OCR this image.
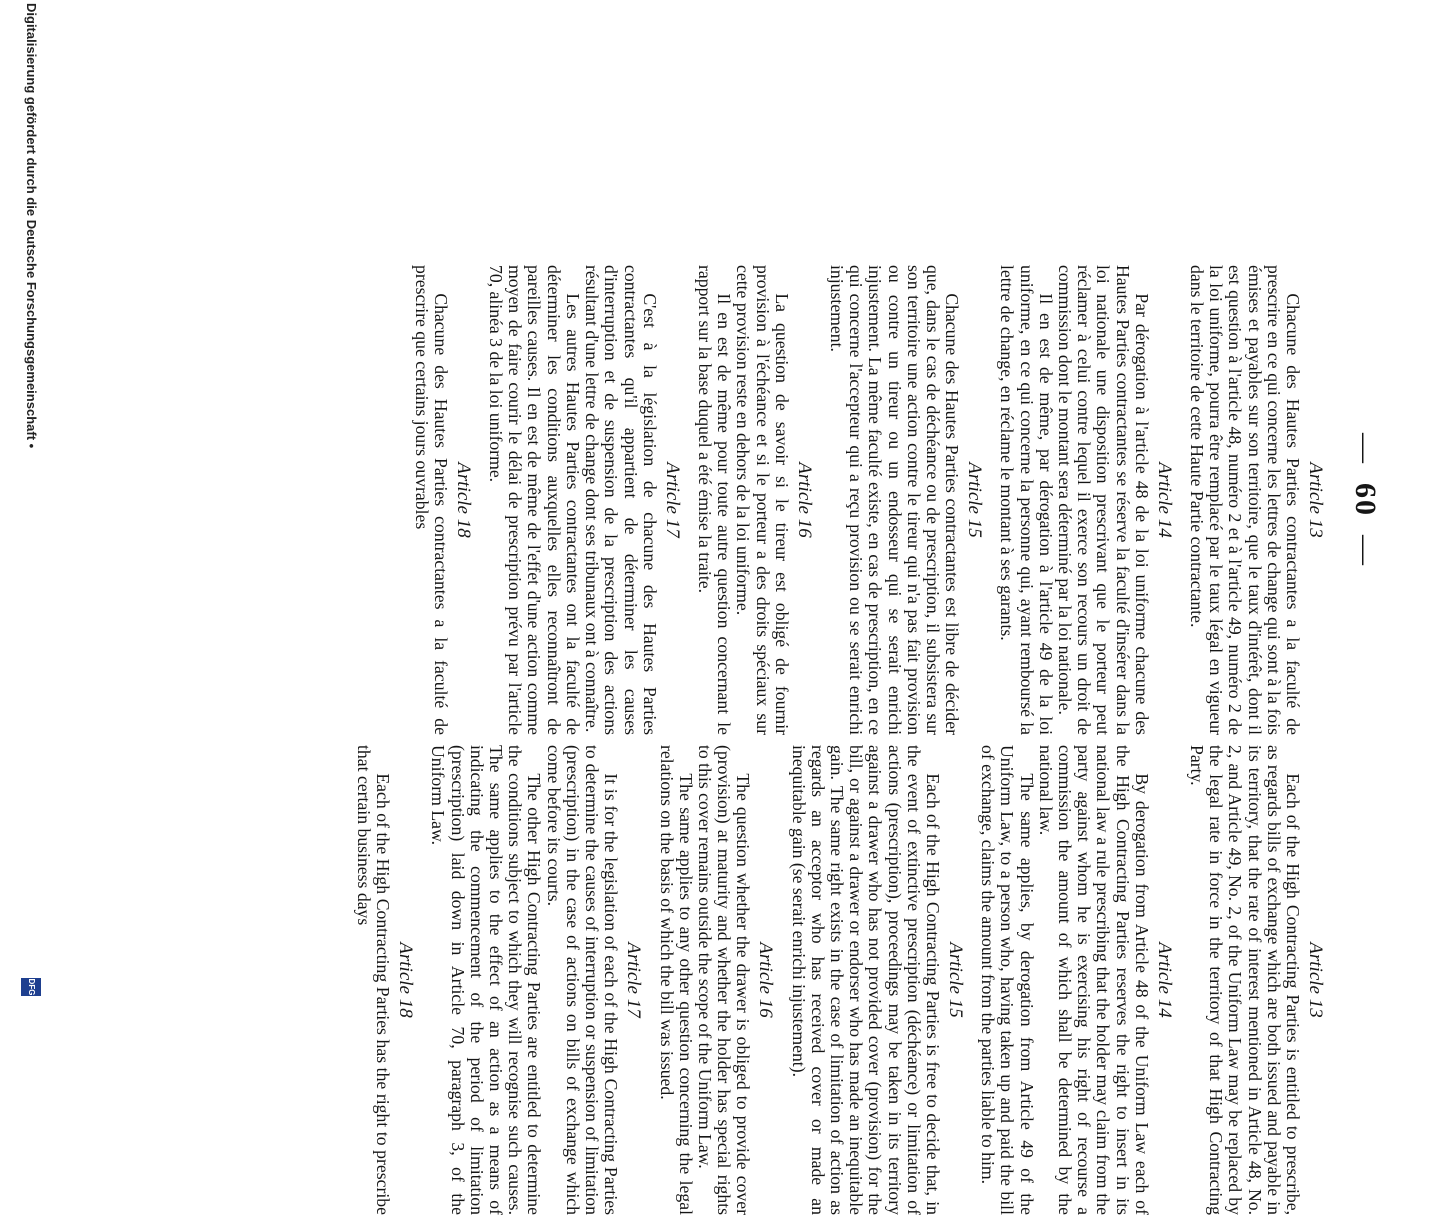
—60—
Article 13

Chacune des Hautes Parties contractantes a la faculté de prescrire en ce qui concerne les lettres de change qui sont à la fois émises et payables sur son territoire, que le taux d'intérêt, dont il est question à l'article 48, numéro 2 et à l'article 49, numéro 2 de la loi uniforme, pourra être remplacé par le taux légal en vigueur dans le territoire de cette Haute Partie contractante.

Article 14

Par dérogation à l'article 48 de la loi uniforme chacune des Hautes Parties contractantes se réserve la faculté d'insérer dans la loi nationale une disposition prescrivant que le porteur peut réclamer à celui contre lequel il exerce son recours un droit de commission dont le montant sera déterminé par la loi nationale.

Il en est de même, par dérogation à l'article 49 de la loi uniforme, en ce qui concerne la personne qui, ayant remboursé la lettre de change, en réclame le montant à ses garants.

Article 15

Chacune des Hautes Parties contractantes est libre de décider que, dans le cas de déchéance ou de prescription, il subsistera sur son territoire une action contre le tireur qui n'a pas fait provision ou contre un tireur ou un endosseur qui se serait enrichi injustement. La même faculté existe, en cas de prescription, en ce qui concerne l'accepteur qui a reçu provision ou se serait enrichi injustement.

Article 16

La question de savoir si le tireur est obligé de fournir provision à l'échéance et si le porteur a des droits spéciaux sur cette provision reste en dehors de la loi uniforme.

Il en est de même pour toute autre question concernant le rapport sur la base duquel a été émise la traite.

Article 17

C'est à la législation de chacune des Hautes Parties contractantes qu'il appartient de déterminer les causes d'interruption et de suspension de la prescription des actions résultant d'une lettre de change dont ses tribunaux ont à connaître.

Les autres Hautes Parties contractantes ont la faculté de déterminer les conditions auxquelles elles reconnaîtront de pareilles causes. Il en est de même de l'effet d'une action comme moyen de faire courir le délai de prescription prévu par l'article 70, alinéa 3 de la loi uniforme.

Article 18

Chacune des Hautes Parties contractantes a la faculté de prescrire que certains jours ouvrables

Article 13

Each of the High Contracting Parties is entitled to prescribe, as regards bills of exchange which are both issued and payable in its territory, that the rate of interest mentioned in Article 48, No. 2, and Article 49, No. 2, of the Uniform Law may be replaced by the legal rate in force in the territory of that High Contracting Party.

Article 14

By derogation from Article 48 of the Uniform Law each of the High Contracting Parties reserves the right to insert in its national law a rule prescribing that the holder may claim from the party against whom he is exercising his right of recourse a commission the amount of which shall be determined by the national law.

The same applies, by derogation from Article 49 of the Uniform Law, to a person who, having taken up and paid the bill of exchange, claims the amount from the parties liable to him.

Article 15

Each of the High Contracting Parties is free to decide that, in the event of extinctive prescription (déchéance) or limitation of actions (prescription), proceedings may be taken in its territory against a drawer who has not provided cover (provision) for the bill, or against a drawer or endorser who has made an inequitable gain. The same right exists in the case of limitation of action as regards an acceptor who has received cover or made an inequitable gain (se serait enrichi injustement).

Article 16

The question whether the drawer is obliged to provide cover (provision) at maturity and whether the holder has special rights to this cover remains outside the scope of the Uniform Law.

The same applies to any other question concerning the legal relations on the basis of which the bill was issued.

Article 17

It is for the legislation of each of the High Contracting Parties to determine the causes of interruption or suspension of limitation (prescription) in the case of actions on bills of exchange which come before its courts.

The other High Contracting Parties are entitled to determine the conditions subject to which they will recognise such causes. The same applies to the effect of an action as a means of indicating the commencement of the period of limitation (prescription) laid down in Article 70, paragraph 3, of the Uniform Law.

Article 18

Each of the High Contracting Parties has the right to prescribe that certain business days

Digitalisierung gefördert durch die Deutsche Forschungsgemeinschaft •
DFG
